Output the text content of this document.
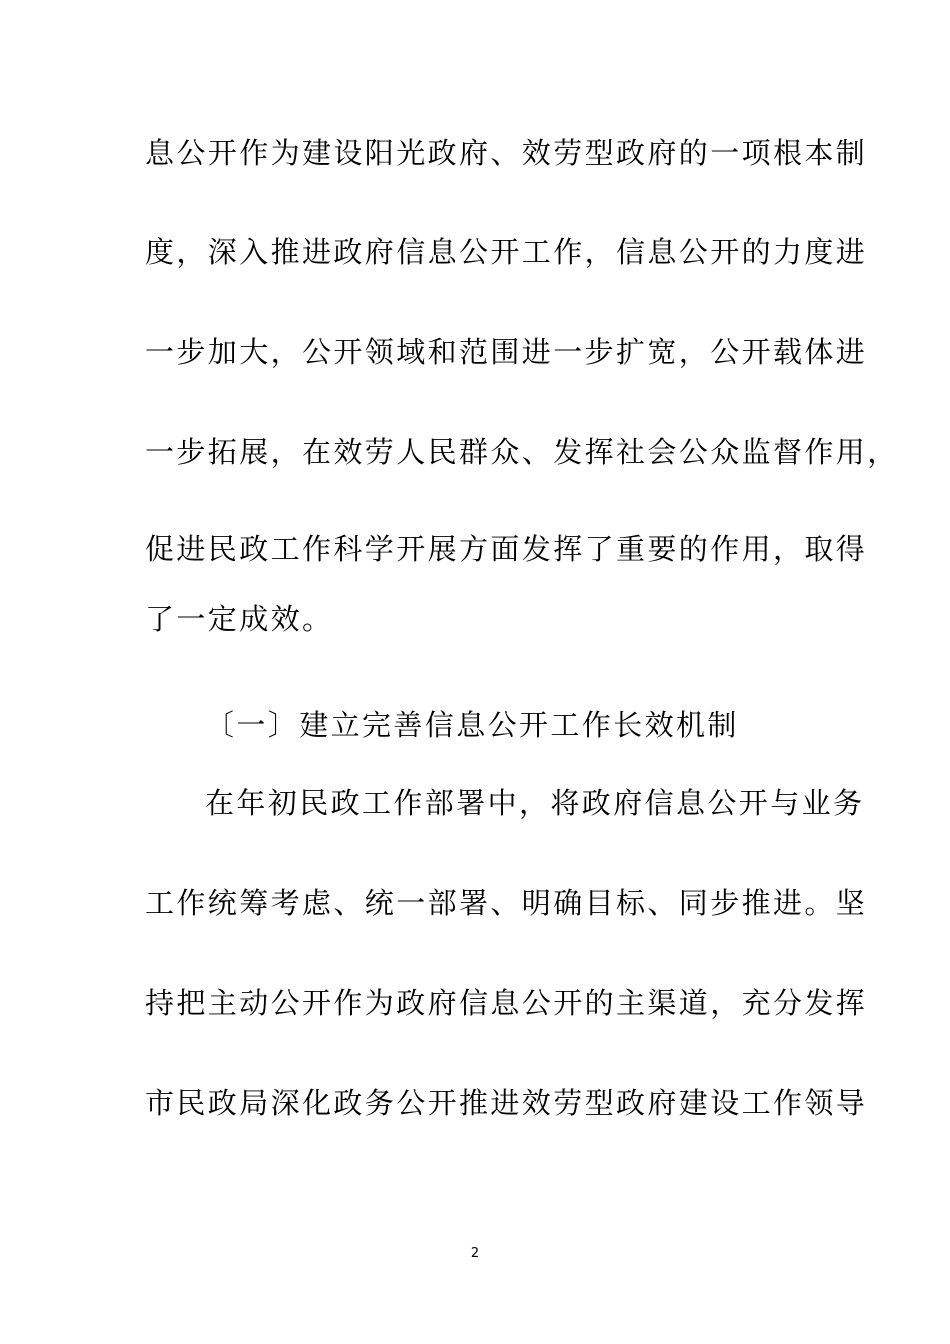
息公开作为建设阳光政府、效劳型政府的一项根本制
度，深入推进政府信息公开工作，信息公开的力度进
一步加大，公开领域和范围进一步扩宽，公开载体进
一步拓展，在效劳人民群众、发挥社会公众监督作用，
促进民政工作科学开展方面发挥了重要的作用，取得
了一定成效。
〔一〕建立完善信息公开工作长效机制
在年初民政工作部署中，将政府信息公开与业务
工作统筹考虑、统一部署、明确目标、同步推进。坚
持把主动公开作为政府信息公开的主渠道，充分发挥
市民政局深化政务公开推进效劳型政府建设工作领导
2
